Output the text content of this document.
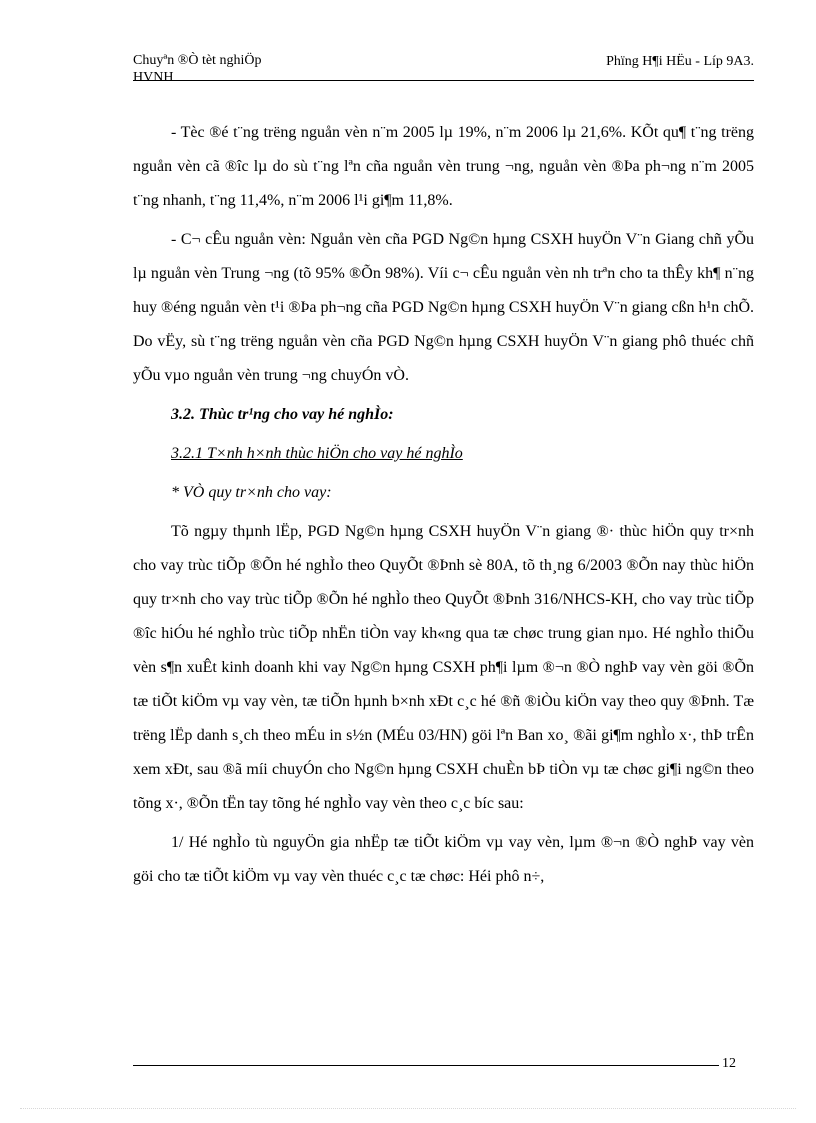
Chuyªn ®Ò tèt nghiÖp
HVNH
Phïng H¶i HËu - Líp 9A3.

- Tèc ®é t¨ng trëng nguån vèn n¨m 2005 lµ 19%, n¨m 2006 lµ 21,6%. KÕt qu¶ t¨ng trëng nguån vèn cã ®îc lµ do sù t¨ng lªn cña nguån vèn trung ¬ng, nguån vèn ®Þa ph¬ng n¨m 2005 t¨ng nhanh, t¨ng 11,4%, n¨m 2006 l¹i gi¶m 11,8%.

- C¬ cÊu nguån vèn: Nguån vèn cña PGD Ng©n hµng CSXH huyÖn V¨n Giang chñ yÕu lµ nguån vèn Trung ¬ng (tõ 95% ®Õn 98%). Víi c¬ cÊu nguån vèn nh trªn cho ta thÊy kh¶ n¨ng huy ®éng nguån vèn t¹i ®Þa ph¬ng cña PGD Ng©n hµng CSXH huyÖn V¨n giang cßn h¹n chÕ. Do vËy, sù t¨ng trëng nguån vèn cña PGD Ng©n hµng CSXH huyÖn V¨n giang phô thuéc chñ yÕu vµo nguån vèn trung ¬ng chuyÓn vÒ.

3.2. Thùc tr¹ng cho vay hé nghÌo:
3.2.1 T×nh h×nh thùc hiÖn cho vay hé nghÌo
* VÒ quy tr×nh cho vay:

Tõ ngµy thµnh lËp, PGD Ng©n hµng CSXH huyÖn V¨n giang ®· thùc hiÖn quy tr×nh cho vay trùc tiÕp ®Õn hé nghÌo theo QuyÕt ®Þnh sè 80A, tõ th¸ng 6/2003 ®Õn nay thùc hiÖn quy tr×nh cho vay trùc tiÕp ®Õn hé nghÌo theo QuyÕt ®Þnh 316/NHCS-KH, cho vay trùc tiÕp ®îc hiÓu hé nghÌo trùc tiÕp nhËn tiÒn vay kh«ng qua tæ chøc trung gian nµo. Hé nghÌo thiÕu vèn s¶n xuÊt kinh doanh khi vay Ng©n hµng CSXH ph¶i lµm ®¬n ®Ò nghÞ vay vèn göi ®Õn tæ tiÕt kiÖm vµ vay vèn, tæ tiÕn hµnh b×nh xÐt c¸c hé ®ñ ®iÒu kiÖn vay theo quy ®Þnh. Tæ trëng lËp danh s¸ch theo mÉu in s½n (MÉu 03/HN) göi lªn Ban xo¸ ®ãi gi¶m nghÌo x·, thÞ trÊn xem xÐt, sau ®ã míi chuyÓn cho Ng©n hµng CSXH chuÈn bÞ tiÒn vµ tæ chøc gi¶i ng©n theo tõng x·, ®Õn tËn tay tõng hé nghÌo vay vèn theo c¸c bíc sau:

1/ Hé nghÌo tù nguyÖn gia nhËp tæ tiÕt kiÖm vµ vay vèn, lµm ®¬n ®Ò nghÞ vay vèn göi cho tæ tiÕt kiÖm vµ vay vèn thuéc c¸c tæ chøc: Héi phô n÷,

12
